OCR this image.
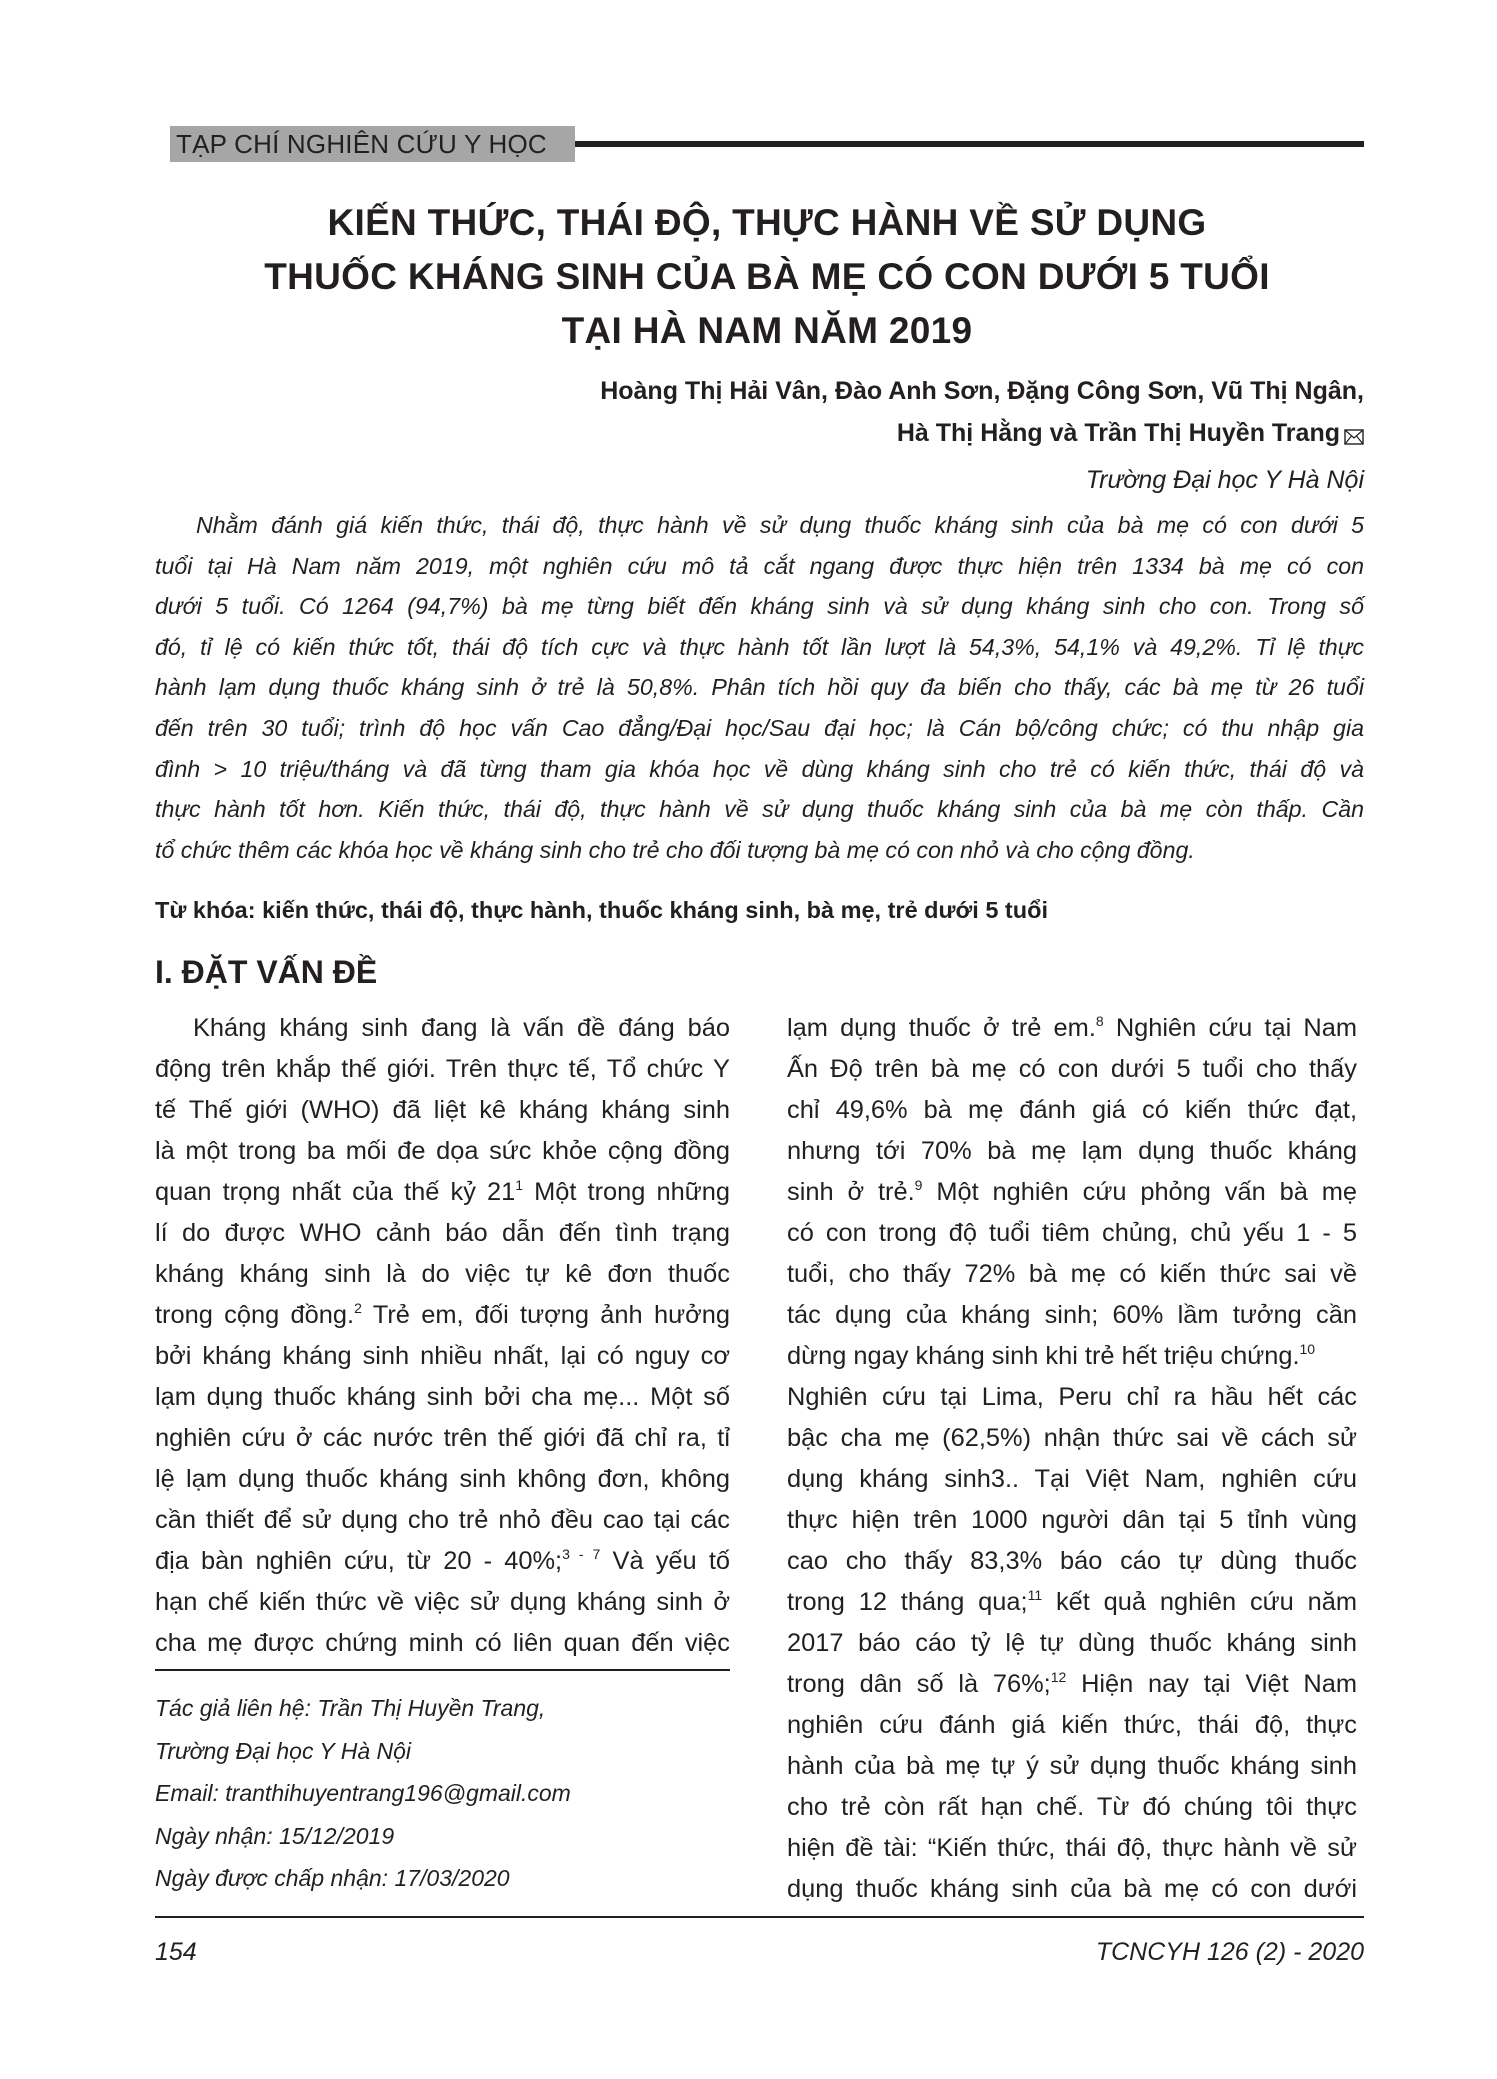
TẠP CHÍ NGHIÊN CỨU Y HỌC
KIẾN THỨC, THÁI ĐỘ, THỰC HÀNH VỀ SỬ DỤNG
THUỐC KHÁNG SINH CỦA BÀ MẸ CÓ CON DƯỚI 5 TUỔI
TẠI HÀ NAM NĂM 2019
Hoàng Thị Hải Vân, Đào Anh Sơn, Đặng Công Sơn, Vũ Thị Ngân,
Hà Thị Hằng và Trần Thị Huyền Trang
Trường Đại học Y Hà Nội
Nhằm đánh giá kiến thức, thái độ, thực hành về sử dụng thuốc kháng sinh của bà mẹ có con dưới 5
tuổi tại Hà Nam năm 2019, một nghiên cứu mô tả cắt ngang được thực hiện trên 1334 bà mẹ có con
dưới 5 tuổi. Có 1264 (94,7%) bà mẹ từng biết đến kháng sinh và sử dụng kháng sinh cho con. Trong số
đó, tỉ lệ có kiến thức tốt, thái độ tích cực và thực hành tốt lần lượt là 54,3%, 54,1% và 49,2%. Tỉ lệ thực
hành lạm dụng thuốc kháng sinh ở trẻ là 50,8%. Phân tích hồi quy đa biến cho thấy, các bà mẹ từ 26 tuổi
đến trên 30 tuổi; trình độ học vấn Cao đẳng/Đại học/Sau đại học; là Cán bộ/công chức; có thu nhập gia
đình > 10 triệu/tháng và đã từng tham gia khóa học về dùng kháng sinh cho trẻ có kiến thức, thái độ và
thực hành tốt hơn. Kiến thức, thái độ, thực hành về sử dụng thuốc kháng sinh của bà mẹ còn thấp. Cần
tổ chức thêm các khóa học về kháng sinh cho trẻ cho đối tượng bà mẹ có con nhỏ và cho cộng đồng.
Từ khóa: kiến thức, thái độ, thực hành, thuốc kháng sinh, bà mẹ, trẻ dưới 5 tuổi
I. ĐẶT VẤN ĐỀ
Kháng kháng sinh đang là vấn đề đáng báo
động trên khắp thế giới. Trên thực tế, Tổ chức Y
tế Thế giới (WHO) đã liệt kê kháng kháng sinh
là một trong ba mối đe dọa sức khỏe cộng đồng
quan trọng nhất của thế kỷ $21^1$ Một trong những
lí do được WHO cảnh báo dẫn đến tình trạng
kháng kháng sinh là do việc tự kê đơn thuốc
trong cộng đồng.$^2$ Trẻ em, đối tượng ảnh hưởng
bởi kháng kháng sinh nhiều nhất, lại có nguy cơ
lạm dụng thuốc kháng sinh bởi cha mẹ... Một số
nghiên cứu ở các nước trên thế giới đã chỉ ra, tỉ
lệ lạm dụng thuốc kháng sinh không đơn, không
cần thiết để sử dụng cho trẻ nhỏ đều cao tại các
địa bàn nghiên cứu, từ 20 - 40%;$^{3 - 7}$ Và yếu tố
hạn chế kiến thức về việc sử dụng kháng sinh ở
cha mẹ được chứng minh có liên quan đến việc
Tác giả liên hệ: Trần Thị Huyền Trang,
Trường Đại học Y Hà Nội
Email: tranthihuyentrang196@gmail.com
Ngày nhận: 15/12/2019
Ngày được chấp nhận: 17/03/2020
lạm dụng thuốc ở trẻ em.$^8$ Nghiên cứu tại Nam
Ấn Độ trên bà mẹ có con dưới 5 tuổi cho thấy
chỉ 49,6% bà mẹ đánh giá có kiến thức đạt,
nhưng tới 70% bà mẹ lạm dụng thuốc kháng
sinh ở trẻ.$^9$ Một nghiên cứu phỏng vấn bà mẹ
có con trong độ tuổi tiêm chủng, chủ yếu 1 - 5
tuổi, cho thấy 72% bà mẹ có kiến thức sai về
tác dụng của kháng sinh; 60% lầm tưởng cần
dừng ngay kháng sinh khi trẻ hết triệu chứng.$^{10}$
Nghiên cứu tại Lima, Peru chỉ ra hầu hết các
bậc cha mẹ (62,5%) nhận thức sai về cách sử
dụng kháng sinh3.. Tại Việt Nam, nghiên cứu
thực hiện trên 1000 người dân tại 5 tỉnh vùng
cao cho thấy 83,3% báo cáo tự dùng thuốc
trong 12 tháng qua;$^{11}$ kết quả nghiên cứu năm
2017 báo cáo tỷ lệ tự dùng thuốc kháng sinh
trong dân số là 76%;$^{12}$ Hiện nay tại Việt Nam
nghiên cứu đánh giá kiến thức, thái độ, thực
hành của bà mẹ tự ý sử dụng thuốc kháng sinh
cho trẻ còn rất hạn chế. Từ đó chúng tôi thực
hiện đề tài: “Kiến thức, thái độ, thực hành về sử
dụng thuốc kháng sinh của bà mẹ có con dưới
154	TCNCYH 126 (2) - 2020
